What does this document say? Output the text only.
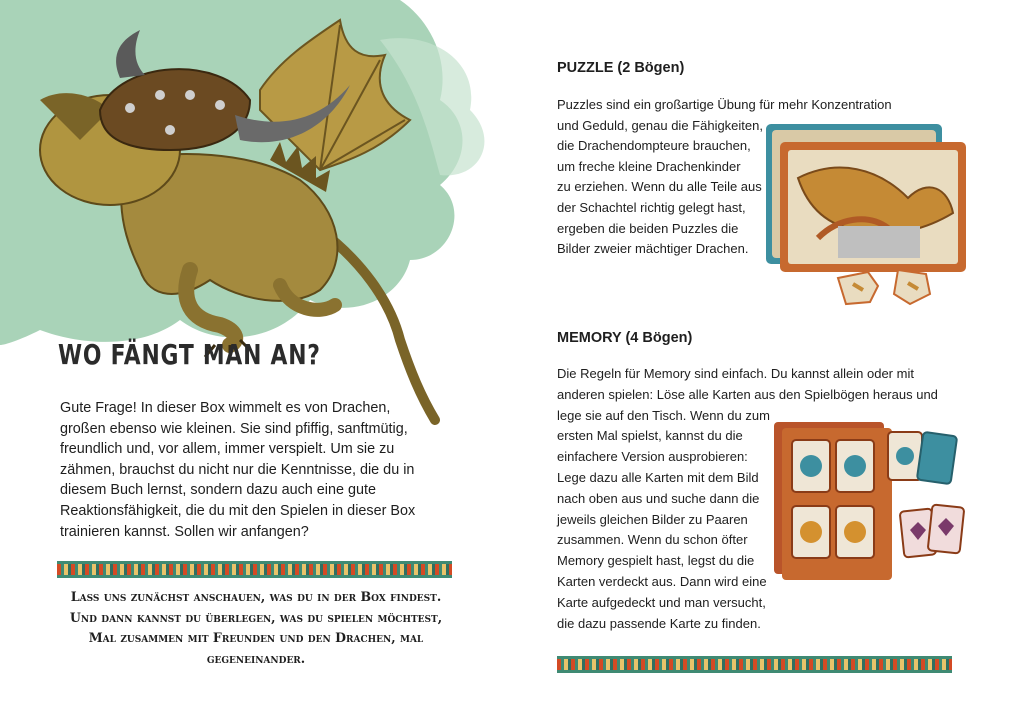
WO FÄNGT MAN AN?

Gute Frage! In dieser Box wimmelt es von Drachen, großen ebenso wie kleinen. Sie sind pfiffig, sanftmütig, freundlich und, vor allem, immer verspielt. Um sie zu zähmen, brauchst du nicht nur die Kenntnisse, die du in diesem Buch lernst, sondern dazu auch eine gute Reaktionsfähigkeit, die du mit den Spielen in dieser Box trainieren kannst. Sollen wir anfangen?

Lass uns zunächst anschauen, was du in der Box findest. Und dann kannst du überlegen, was du spielen möchtest, Mal zusammen mit Freunden und den Drachen, mal gegeneinander.

PUZZLE (2 Bögen)

Puzzles sind ein großartige Übung für mehr Konzentration
und Geduld, genau die Fähigkeiten,
die Drachendompteure brauchen,
um freche kleine Drachenkinder
zu erziehen. Wenn du alle Teile aus
der Schachtel richtig gelegt hast,
ergeben die beiden Puzzles die
Bilder zweier mächtiger Drachen.

MEMORY (4 Bögen)

Die Regeln für Memory sind einfach. Du kannst allein oder mit
anderen spielen: Löse alle Karten aus den Spielbögen heraus und
lege sie auf den Tisch. Wenn du zum
ersten Mal spielst, kannst du die
einfachere Version ausprobieren:
Lege dazu alle Karten mit dem Bild
nach oben aus und suche dann die
jeweils gleichen Bilder zu Paaren
zusammen. Wenn du schon öfter
Memory gespielt hast, legst du die
Karten verdeckt aus. Dann wird eine
Karte aufgedeckt und man versucht,
die dazu passende Karte zu finden.
